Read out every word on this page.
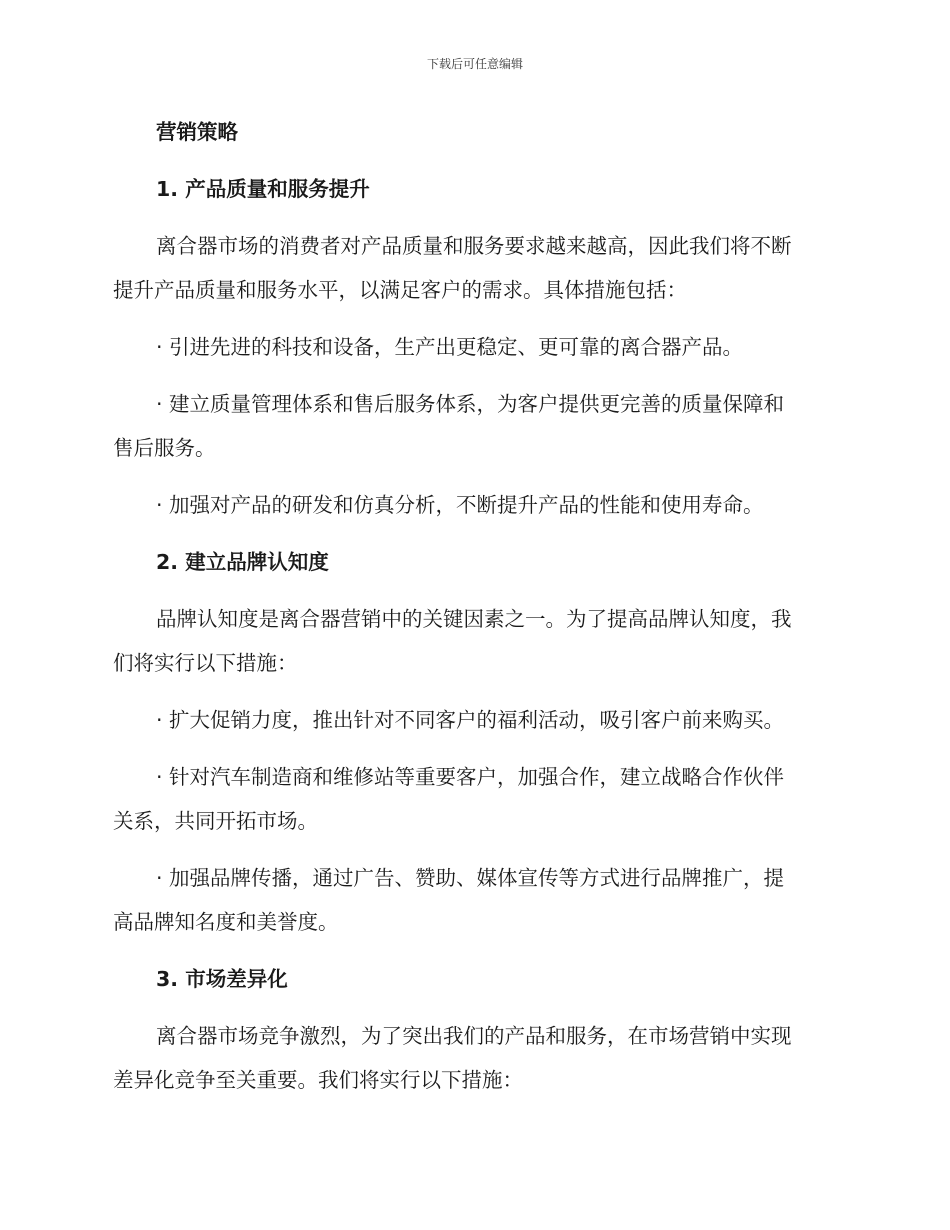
下载后可任意编辑

营销策略

1. 产品质量和服务提升

离合器市场的消费者对产品质量和服务要求越来越高，因此我们将不断

提升产品质量和服务水平，以满足客户的需求。具体措施包括：

· 引进先进的科技和设备，生产出更稳定、更可靠的离合器产品。

· 建立质量管理体系和售后服务体系，为客户提供更完善的质量保障和

售后服务。

· 加强对产品的研发和仿真分析，不断提升产品的性能和使用寿命。

2. 建立品牌认知度

品牌认知度是离合器营销中的关键因素之一。为了提高品牌认知度，我

们将实行以下措施：

· 扩大促销力度，推出针对不同客户的福利活动，吸引客户前来购买。

· 针对汽车制造商和维修站等重要客户，加强合作，建立战略合作伙伴

关系，共同开拓市场。

· 加强品牌传播，通过广告、赞助、媒体宣传等方式进行品牌推广，提

高品牌知名度和美誉度。

3. 市场差异化

离合器市场竞争激烈，为了突出我们的产品和服务，在市场营销中实现

差异化竞争至关重要。我们将实行以下措施：
